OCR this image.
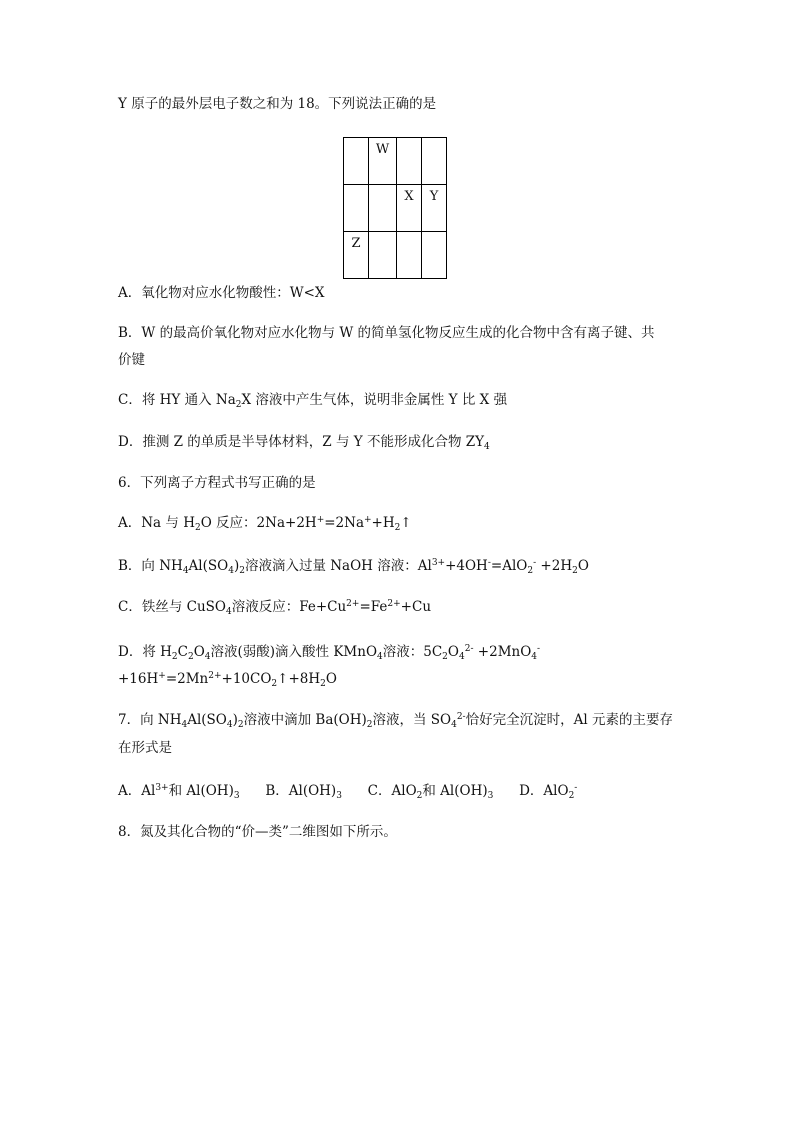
	W		
		X	Y
Z			
Y 原子的最外层电子数之和为 18。下列说法正确的是
A．氧化物对应水化物酸性：W<X
B．W 的最高价氧化物对应水化物与 W 的简单氢化物反应生成的化合物中含有离子键、共
价键
C．将 HY 通入 $Na_2X$ 溶液中产生气体，说明非金属性 Y 比 X 强
D．推测 Z 的单质是半导体材料，Z 与 Y 不能形成化合物 $ZY_4$
6．下列离子方程式书写正确的是
A．Na 与 $H_2O$ 反应：$2Na+2H^+=2Na^++H_2↑$
B．向 $NH_4Al(SO_4)_2$溶液滴入过量 NaOH 溶液：$Al^{3+}+4OH^-=AlO_2^- +2H_2O$
C．铁丝与 CuSO$_4$溶液反应：$Fe+Cu^{2+}=Fe^{2+}+Cu$
D．将 $H_2C_2O_4$溶液(弱酸)滴入酸性 KMnO$_4$溶液：$5C_2O_4^{2-} +2MnO_4^-$
$+16H^+=2Mn^{2+}+10CO_2↑+8H_2O$
7．向 $NH_4Al(SO_4)_2$溶液中滴加 $Ba(OH)_2$溶液，当 $SO_4^{2-}$恰好完全沉淀时，Al 元素的主要存
在形式是
A．$Al^{3+}$和 $Al(OH)_3$      B．$Al(OH)_3$      C．AlO$_2$和 $Al(OH)_3$      D．AlO$_2$-
8．氮及其化合物的“价—类”二维图如下所示。
